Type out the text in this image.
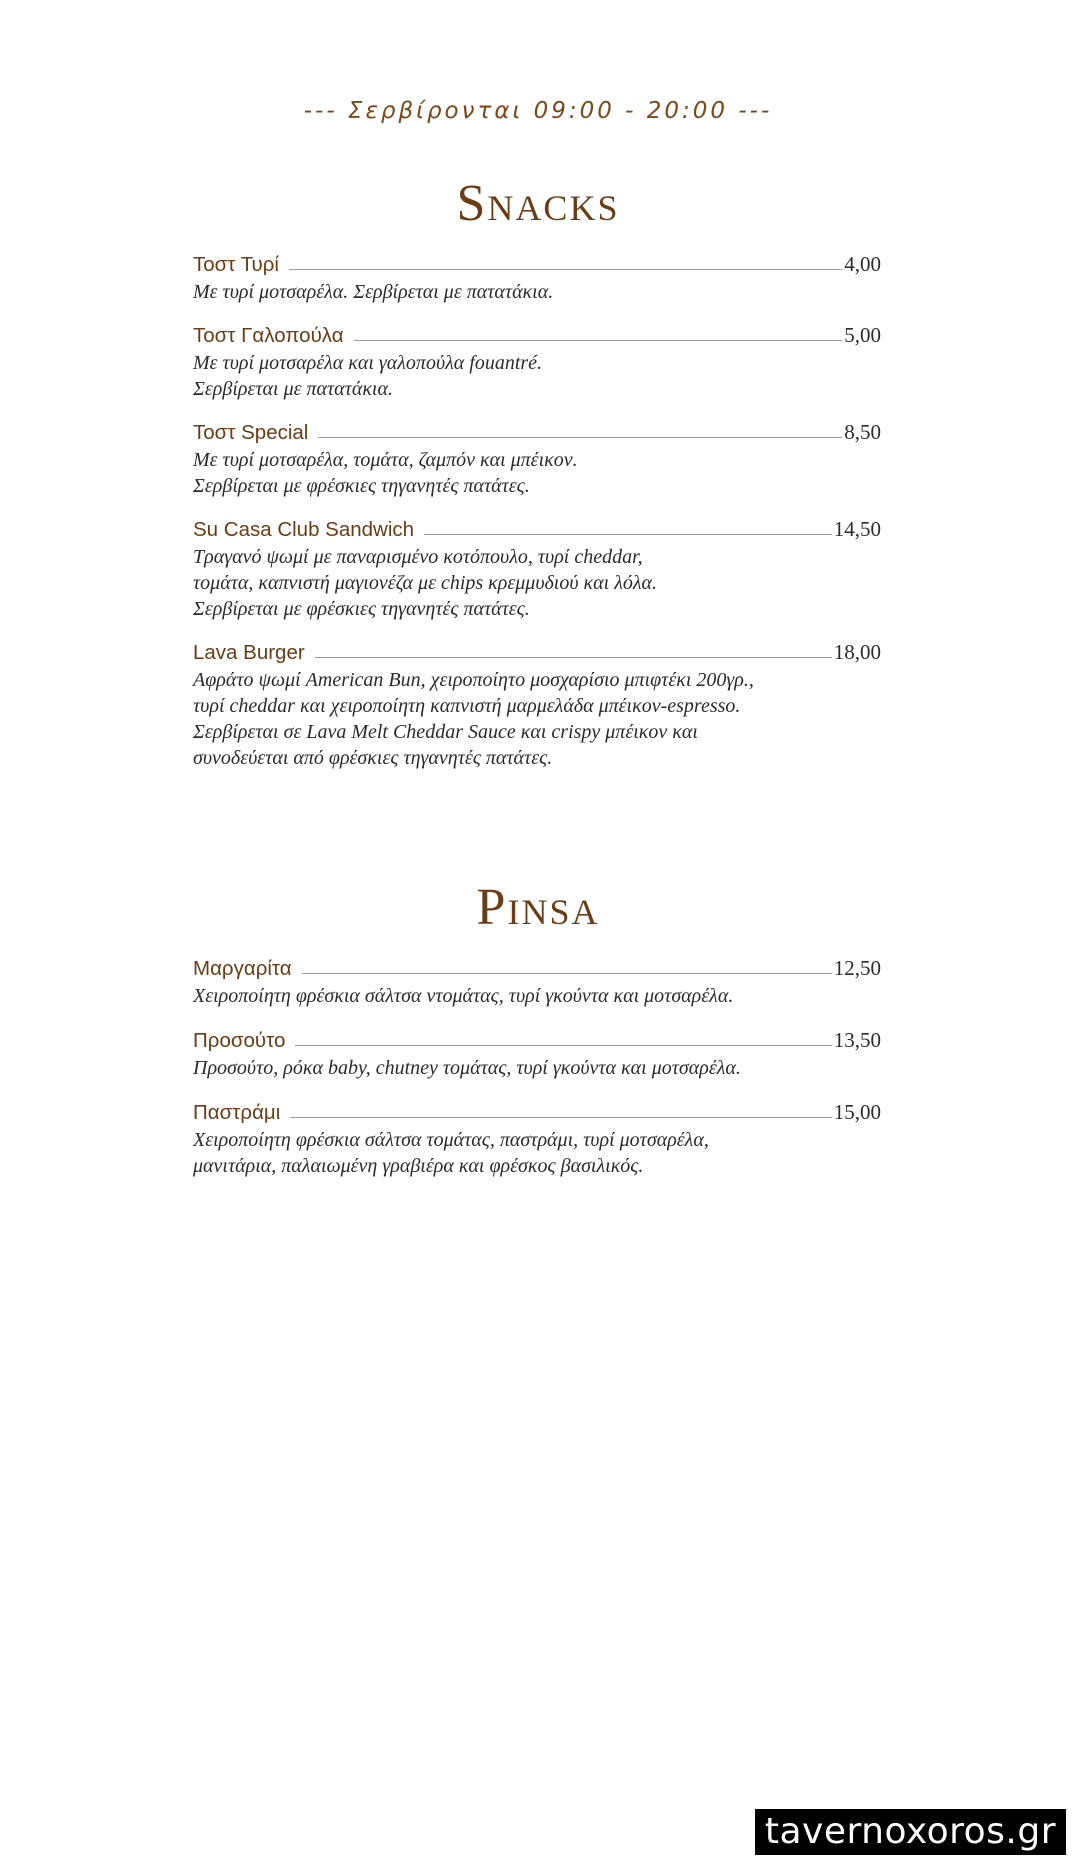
--- Σερβίρονται 09:00 - 20:00 ---
Snacks
Τοστ Τυρί	4,00
Με τυρί μοτσαρέλα. Σερβίρεται με πατατάκια.
Τοστ Γαλοπούλα	5,00
Με τυρί μοτσαρέλα και γαλοπούλα fouantré.
Σερβίρεται με πατατάκια.
Τοστ Special	8,50
Με τυρί μοτσαρέλα, τομάτα, ζαμπόν και μπέικον.
Σερβίρεται με φρέσκιες τηγανητές πατάτες.
Su Casa Club Sandwich	14,50
Τραγανό ψωμί με παναρισμένο κοτόπουλο, τυρί cheddar,
τομάτα, καπνιστή μαγιονέζα με chips κρεμμυδιού και λόλα.
Σερβίρεται με φρέσκιες τηγανητές πατάτες.
Lava Burger	18,00
Αφράτο ψωμί American Bun, χειροποίητο μοσχαρίσιο μπιφτέκι 200γρ.,
τυρί cheddar και χειροποίητη καπνιστή μαρμελάδα μπέικον-espresso.
Σερβίρεται σε Lava Melt Cheddar Sauce και crispy μπέικον και
συνοδεύεται από φρέσκιες τηγανητές πατάτες.
Pinsa
Μαργαρίτα	12,50
Χειροποίητη φρέσκια σάλτσα ντομάτας, τυρί γκούντα και μοτσαρέλα.
Προσούτο	13,50
Προσούτο, ρόκα baby, chutney τομάτας, τυρί γκούντα και μοτσαρέλα.
Παστράμι	15,00
Χειροποίητη φρέσκια σάλτσα τομάτας, παστράμι, τυρί μοτσαρέλα,
μανιτάρια, παλαιωμένη γραβιέρα και φρέσκος βασιλικός.
tavernoxoros.gr
